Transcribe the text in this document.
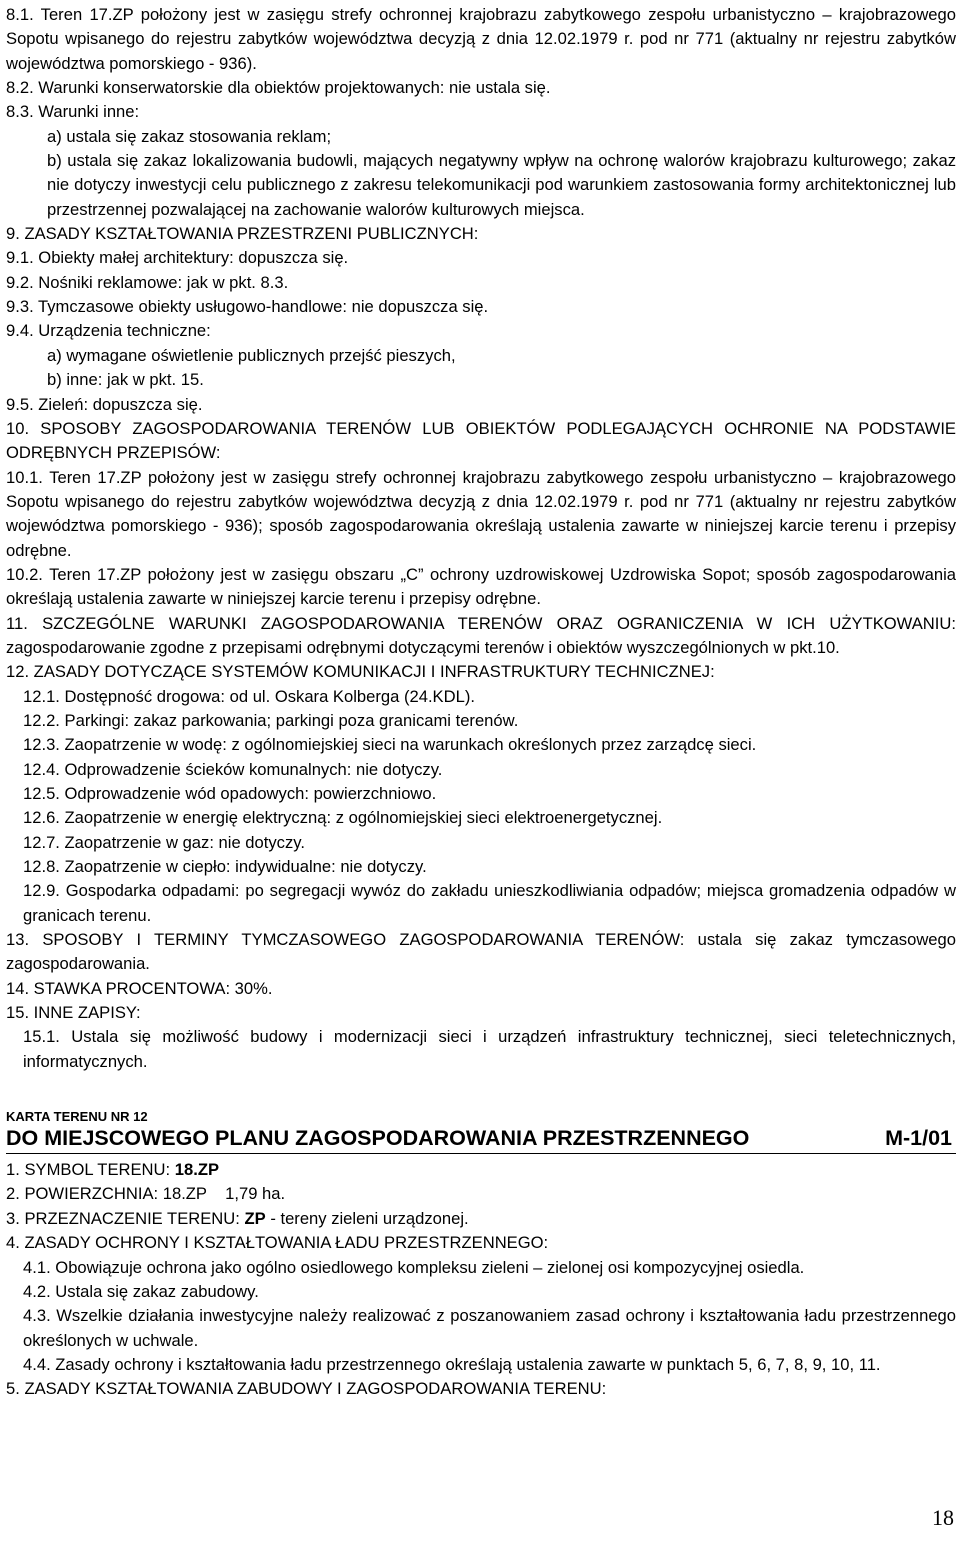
8.1. Teren 17.ZP położony jest w zasięgu strefy ochronnej krajobrazu zabytkowego zespołu urbanistyczno – krajobrazowego Sopotu wpisanego do rejestru zabytków województwa decyzją z dnia 12.02.1979 r. pod nr 771 (aktualny nr rejestru zabytków województwa pomorskiego - 936).

8.2. Warunki konserwatorskie dla obiektów projektowanych: nie ustala się.

8.3. Warunki inne:

a) ustala się zakaz stosowania reklam;

b) ustala się zakaz lokalizowania budowli, mających negatywny wpływ na ochronę walorów krajobrazu kulturowego; zakaz nie dotyczy inwestycji celu publicznego z zakresu telekomunikacji pod warunkiem zastosowania formy architektonicznej lub przestrzennej pozwalającej na zachowanie walorów kulturowych miejsca.

9. ZASADY KSZTAŁTOWANIA PRZESTRZENI PUBLICZNYCH:

9.1. Obiekty małej architektury: dopuszcza się.

9.2. Nośniki reklamowe: jak w pkt. 8.3.

9.3. Tymczasowe obiekty usługowo-handlowe: nie dopuszcza się.

9.4. Urządzenia techniczne:

a) wymagane oświetlenie publicznych przejść pieszych,

b) inne: jak w pkt. 15.

9.5. Zieleń: dopuszcza się.

10. SPOSOBY ZAGOSPODAROWANIA TERENÓW LUB OBIEKTÓW PODLEGAJĄCYCH OCHRONIE NA PODSTAWIE ODRĘBNYCH PRZEPISÓW:

10.1. Teren 17.ZP położony jest w zasięgu strefy ochronnej krajobrazu zabytkowego zespołu urbanistyczno – krajobrazowego Sopotu wpisanego do rejestru zabytków województwa decyzją z dnia 12.02.1979 r. pod nr 771 (aktualny nr rejestru zabytków województwa pomorskiego - 936); sposób zagospodarowania określają ustalenia zawarte w niniejszej karcie terenu i przepisy odrębne.

10.2. Teren 17.ZP położony jest w zasięgu obszaru „C” ochrony uzdrowiskowej Uzdrowiska Sopot; sposób zagospodarowania określają ustalenia zawarte w niniejszej karcie terenu i przepisy odrębne.

11. SZCZEGÓLNE WARUNKI ZAGOSPODAROWANIA TERENÓW ORAZ OGRANICZENIA W ICH UŻYTKOWANIU: zagospodarowanie zgodne z przepisami odrębnymi dotyczącymi terenów i obiektów wyszczególnionych w pkt.10.

12. ZASADY DOTYCZĄCE SYSTEMÓW KOMUNIKACJI I INFRASTRUKTURY TECHNICZNEJ:

12.1. Dostępność drogowa: od ul. Oskara Kolberga (24.KDL).

12.2. Parkingi: zakaz parkowania; parkingi poza granicami terenów.

12.3. Zaopatrzenie w wodę: z ogólnomiejskiej sieci na warunkach określonych przez zarządcę sieci.

12.4. Odprowadzenie ścieków komunalnych: nie dotyczy.

12.5. Odprowadzenie wód opadowych: powierzchniowo.

12.6. Zaopatrzenie w energię elektryczną: z ogólnomiejskiej sieci elektroenergetycznej.

12.7. Zaopatrzenie w gaz: nie dotyczy.

12.8. Zaopatrzenie w ciepło: indywidualne: nie dotyczy.

12.9. Gospodarka odpadami: po segregacji wywóz do zakładu unieszkodliwiania odpadów; miejsca gromadzenia odpadów w granicach terenu.

13. SPOSOBY I TERMINY TYMCZASOWEGO ZAGOSPODAROWANIA TERENÓW: ustala się zakaz tymczasowego zagospodarowania.

14. STAWKA PROCENTOWA: 30%.

15. INNE ZAPISY:

15.1. Ustala się możliwość budowy i modernizacji sieci i urządzeń infrastruktury technicznej, sieci teletechnicznych, informatycznych.

KARTA TERENU NR 12
DO MIEJSCOWEGO PLANU ZAGOSPODAROWANIA PRZESTRZENNEGO	M-1/01

1. SYMBOL TERENU: 18.ZP

2. POWIERZCHNIA: 18.ZP    1,79 ha.

3. PRZEZNACZENIE TERENU: ZP - tereny zieleni urządzonej.

4. ZASADY OCHRONY I KSZTAŁTOWANIA ŁADU PRZESTRZENNEGO:

4.1. Obowiązuje ochrona jako ogólno osiedlowego kompleksu zieleni – zielonej osi kompozycyjnej osiedla.

4.2. Ustala się zakaz zabudowy.

4.3. Wszelkie działania inwestycyjne należy realizować z poszanowaniem zasad ochrony i kształtowania ładu przestrzennego określonych w uchwale.

4.4. Zasady ochrony i kształtowania ładu przestrzennego określają ustalenia zawarte w punktach 5, 6, 7, 8, 9, 10, 11.

5. ZASADY KSZTAŁTOWANIA ZABUDOWY I ZAGOSPODAROWANIA TERENU:

18
